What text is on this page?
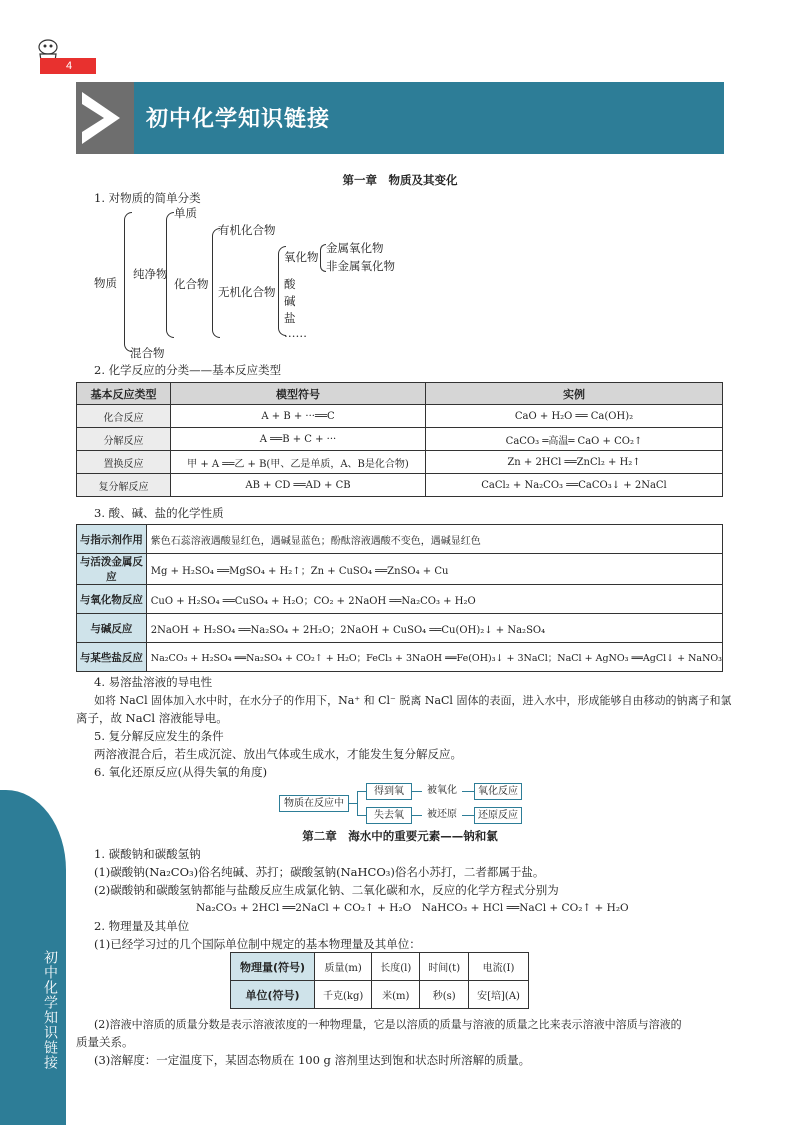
4
初中化学知识链接
初中化学知识链接
第一章　物质及其变化
1. 对物质的简单分类
物质
纯净物
混合物
单质
化合物
有机化合物
无机化合物
氧化物
金属氧化物
非金属氧化物
酸
碱
盐
……
2. 化学反应的分类——基本反应类型
基本反应类型	模型符号	实例
化合反应	A + B + ···══C	CaO + H₂O ══ Ca(OH)₂
分解反应	A ══B + C + ···	CaCO₃ ═高温═ CaO + CO₂↑
置换反应	甲 + A ══乙 + B(甲、乙是单质，A、B是化合物)	Zn + 2HCl ══ZnCl₂ + H₂↑
复分解反应	AB + CD ══AD + CB	CaCl₂ + Na₂CO₃ ══CaCO₃↓ + 2NaCl
3. 酸、碱、盐的化学性质
与指示剂作用	紫色石蕊溶液遇酸显红色，遇碱显蓝色；酚酞溶液遇酸不变色，遇碱显红色
与活泼金属反应	Mg + H₂SO₄ ══MgSO₄ + H₂↑；Zn + CuSO₄ ══ZnSO₄ + Cu
与氧化物反应	CuO + H₂SO₄ ══CuSO₄ + H₂O；CO₂ + 2NaOH ══Na₂CO₃ + H₂O
与碱反应	2NaOH + H₂SO₄ ══Na₂SO₄ + 2H₂O；2NaOH + CuSO₄ ══Cu(OH)₂↓ + Na₂SO₄
与某些盐反应	Na₂CO₃ + H₂SO₄ ══Na₂SO₄ + CO₂↑ + H₂O；FeCl₃ + 3NaOH ══Fe(OH)₃↓ + 3NaCl；NaCl + AgNO₃ ══AgCl↓ + NaNO₃
4. 易溶盐溶液的导电性
如将 NaCl 固体加入水中时，在水分子的作用下，Na⁺ 和 Cl⁻ 脱离 NaCl 固体的表面，进入水中，形成能够自由移动的钠离子和氯
离子，故 NaCl 溶液能导电。
5. 复分解反应发生的条件
两溶液混合后，若生成沉淀、放出气体或生成水，才能发生复分解反应。
6. 氧化还原反应(从得失氧的角度)
物质在反应中
得到氧	被氧化	氧化反应
失去氧	被还原	还原反应
第二章　海水中的重要元素——钠和氯
1. 碳酸钠和碳酸氢钠
(1)碳酸钠(Na₂CO₃)俗名纯碱、苏打；碳酸氢钠(NaHCO₃)俗名小苏打，二者都属于盐。
(2)碳酸钠和碳酸氢钠都能与盐酸反应生成氯化钠、二氧化碳和水，反应的化学方程式分别为
Na₂CO₃ + 2HCl ══2NaCl + CO₂↑ + H₂O　NaHCO₃ + HCl ══NaCl + CO₂↑ + H₂O
2. 物理量及其单位
(1)已经学习过的几个国际单位制中规定的基本物理量及其单位：
物理量(符号)	质量(m)	长度(l)	时间(t)	电流(I)
单位(符号)	千克(kg)	米(m)	秒(s)	安[培](A)
(2)溶液中溶质的质量分数是表示溶液浓度的一种物理量，它是以溶质的质量与溶液的质量之比来表示溶液中溶质与溶液的
质量关系。
(3)溶解度：一定温度下，某固态物质在 100 g 溶剂里达到饱和状态时所溶解的质量。
